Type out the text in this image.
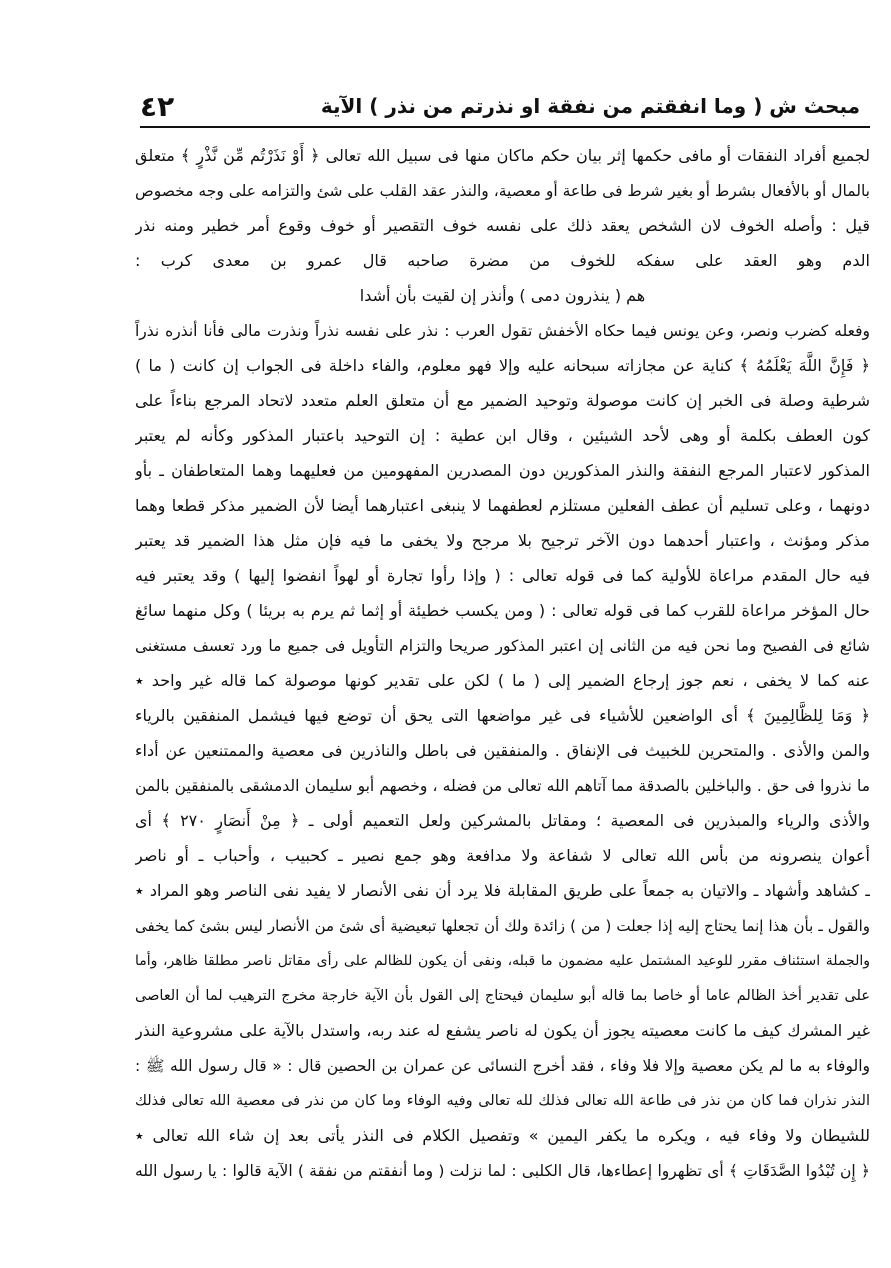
مبحث ش ( وما انفقتم من نفقة او نذرتم من نذر ) الآية
٤٢
لجميع أفراد النفقات أو مافى حكمها إثر بيان حكم ماكان منها فى سبيل الله تعالى ﴿ أَوْ نَذَرْتُم مِّن نَّذْرٍ ﴾ متعلق
بالمال أو بالأفعال بشرط أو بغير شرط فى طاعة أو معصية، والنذر عقد القلب على شئ والتزامه على وجه مخصوص
قيل : وأصله الخوف لان الشخص يعقد ذلك على نفسه خوف التقصير أو خوف وقوع أمر خطير ومنه نذر
الدم وهو العقد على سفكه للخوف من مضرة صاحبه قال عمرو بن معدى كرب :
هم ( ينذرون دمى ) وأنذر إن لقيت بأن أشدا
وفعله كضرب ونصر، وعن يونس فيما حكاه الأخفش تقول العرب : نذر على نفسه نذراً ونذرت مالى فأنا أنذره نذراً
﴿ فَإِنَّ اللَّهَ يَعْلَمُهُ ﴾ كناية عن مجازاته سبحانه عليه وإلا فهو معلوم، والفاء داخلة فى الجواب إن كانت ( ما )
شرطية وصلة فى الخبر إن كانت موصولة وتوحيد الضمير مع أن متعلق العلم متعدد لاتحاد المرجع بناءاً على
كون العطف بكلمة أو وهى لأحد الشيئين ، وقال ابن عطية : إن التوحيد باعتبار المذكور وكأنه لم يعتبر
المذكور لاعتبار المرجع النفقة والنذر المذكورين دون المصدرين المفهومين من فعليهما وهما المتعاطفان ـ بأو
دونهما ، وعلى تسليم أن عطف الفعلين مستلزم لعطفهما لا ينبغى اعتبارهما أيضا لأن الضمير مذكر قطعا وهما
مذكر ومؤنث ، واعتبار أحدهما دون الآخر ترجيح بلا مرجح ولا يخفى ما فيه فإن مثل هذا الضمير قد يعتبر
فيه حال المقدم مراعاة للأولية كما فى قوله تعالى : ( وإذا رأوا تجارة أو لهواً انفضوا إليها ) وقد يعتبر فيه
حال المؤخر مراعاة للقرب كما فى قوله تعالى : ( ومن يكسب خطيئة أو إثما ثم يرم به بريئا ) وكل منهما سائغ
شائع فى الفصيح وما نحن فيه من الثانى إن اعتبر المذكور صريحا والتزام التأويل فى جميع ما ورد تعسف مستغنى
عنه كما لا يخفى ، نعم جوز إرجاع الضمير إلى ( ما ) لكن على تقدير كونها موصولة كما قاله غير واحد ٭
﴿ وَمَا لِلظَّالِمِينَ ﴾ أى الواضعين للأشياء فى غير مواضعها التى يحق أن توضع فيها فيشمل المنفقين بالرياء
والمن والأذى . والمتحرين للخبيث فى الإنفاق . والمنفقين فى باطل والناذرين فى معصية والممتنعين عن أداء
ما نذروا فى حق . والباخلين بالصدقة مما آتاهم الله تعالى من فضله ، وخصهم أبو سليمان الدمشقى بالمنفقين بالمن
والأذى والرياء والمبذرين فى المعصية ؛ ومقاتل بالمشركين ولعل التعميم أولى ـ ﴿ مِنْ أَنصَارٍ ٢٧٠ ﴾ أى
أعوان ينصرونه من بأس الله تعالى لا شفاعة ولا مدافعة وهو جمع نصير ـ كحبيب ، وأحباب ـ أو ناصر
ـ كشاهد وأشهاد ـ والاتيان به جمعاً على طريق المقابلة فلا يرد أن نفى الأنصار لا يفيد نفى الناصر وهو المراد ٭
والقول ـ بأن هذا إنما يحتاج إليه إذا جعلت ( من ) زائدة ولك أن تجعلها تبعيضية أى شئ من الأنصار ليس بشئ كما يخفى
والجملة استئناف مقرر للوعيد المشتمل عليه مضمون ما قبله، ونفى أن يكون للظالم على رأى مقاتل ناصر مطلقا ظاهر، وأما
على تقدير أخذ الظالم عاما أو خاصا بما قاله أبو سليمان فيحتاج إلى القول بأن الآية خارجة مخرج الترهيب لما أن العاصى
غير المشرك كيف ما كانت معصيته يجوز أن يكون له ناصر يشفع له عند ربه، واستدل بالآية على مشروعية النذر
والوفاء به ما لم يكن معصية وإلا فلا وفاء ، فقد أخرج النسائى عن عمران بن الحصين قال : « قال رسول الله ﷺ :
النذر نذران فما كان من نذر فى طاعة الله تعالى فذلك لله تعالى وفيه الوفاء وما كان من نذر فى معصية الله تعالى فذلك
للشيطان ولا وفاء فيه ، ويكره ما يكفر اليمين » وتفصيل الكلام فى النذر يأتى بعد إن شاء الله تعالى ٭
﴿ إِن تُبْدُوا الصَّدَقَاتِ ﴾ أى تظهروا إعطاءها، قال الكلبى : لما نزلت ( وما أنفقتم من نفقة ) الآية قالوا : يا رسول الله
